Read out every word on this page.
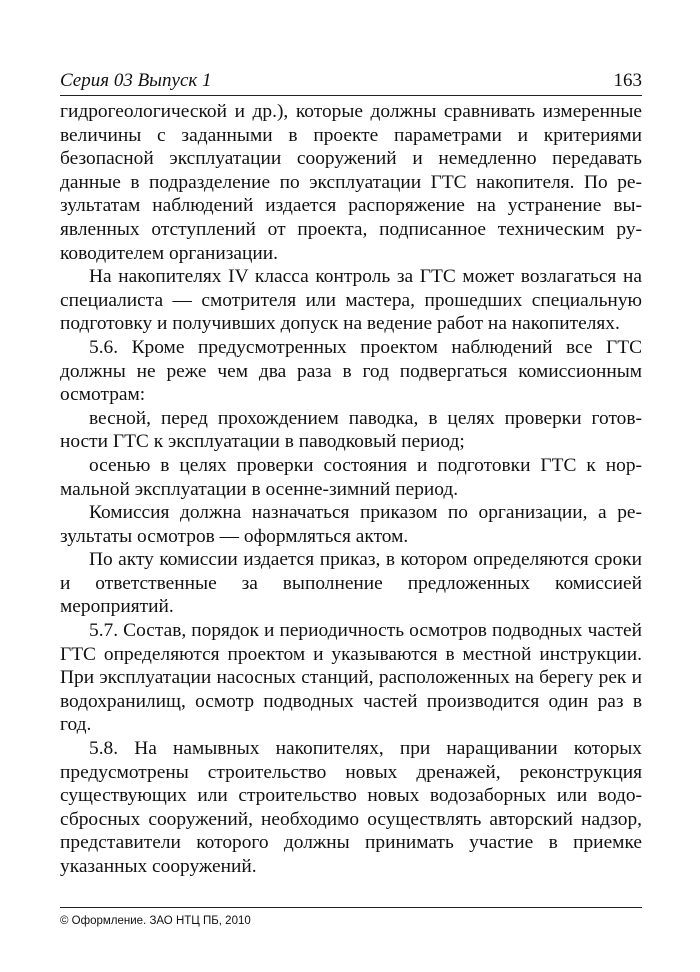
Серия 03 Выпуск 1	163

гидрогеологической и др.), которые должны сравнивать измеренные величины с заданными в проекте параметрами и критериями безопасной эксплуатации сооружений и немедленно передавать данные в подразделение по эксплуатации ГТС накопителя. По результатам наблюдений издается распоряжение на устранение выявленных отступлений от проекта, подписанное техническим руководителем организации.

На накопителях IV класса контроль за ГТС может возлагаться на специалиста — смотрителя или мастера, прошедших специальную подготовку и получивших допуск на ведение работ на накопителях.

5.6. Кроме предусмотренных проектом наблюдений все ГТС должны не реже чем два раза в год подвергаться комиссионным осмотрам:

весной, перед прохождением паводка, в целях проверки готовности ГТС к эксплуатации в паводковый период;

осенью в целях проверки состояния и подготовки ГТС к нормальной эксплуатации в осенне-зимний период.

Комиссия должна назначаться приказом по организации, а результаты осмотров — оформляться актом.

По акту комиссии издается приказ, в котором определяются сроки и ответственные за выполнение предложенных комиссией мероприятий.

5.7. Состав, порядок и периодичность осмотров подводных частей ГТС определяются проектом и указываются в местной инструкции. При эксплуатации насосных станций, расположенных на берегу рек и водохранилищ, осмотр подводных частей производится один раз в год.

5.8. На намывных накопителях, при наращивании которых предусмотрены строительство новых дренажей, реконструкция существующих или строительство новых водозаборных или водосбросных сооружений, необходимо осуществлять авторский надзор, представители которого должны принимать участие в приемке указанных сооружений.

© Оформление. ЗАО НТЦ ПБ, 2010
